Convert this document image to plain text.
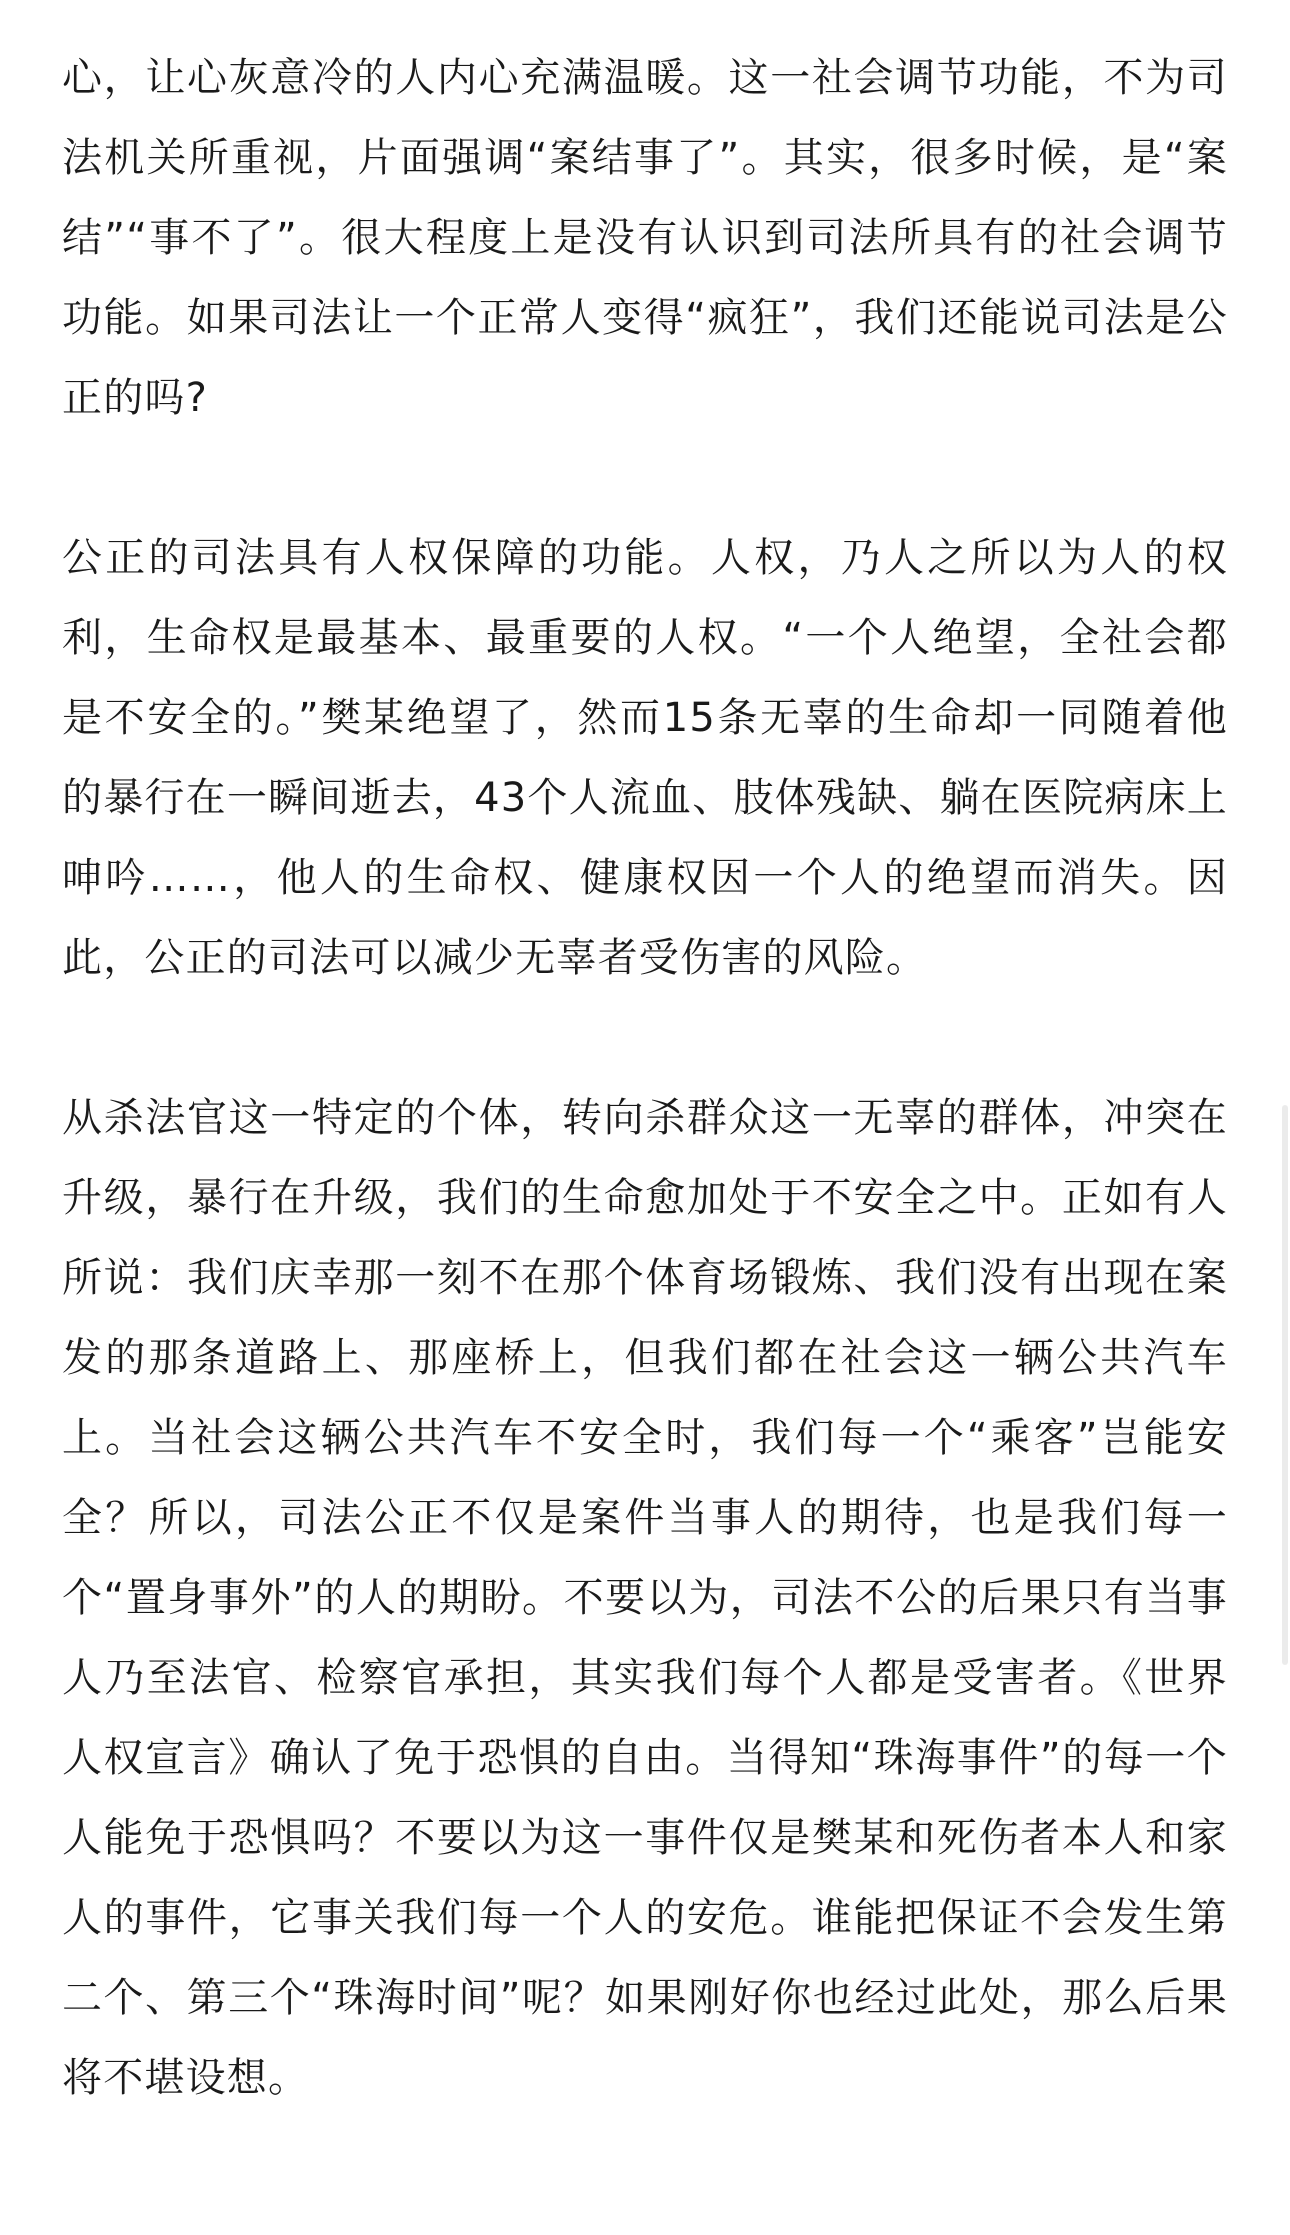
心，让心灰意冷的人内心充满温暖。这一社会调节功能，不为司法机关所重视，片面强调“案结事了”。其实，很多时候，是“案结”“事不了”。很大程度上是没有认识到司法所具有的社会调节功能。如果司法让一个正常人变得“疯狂”，我们还能说司法是公正的吗?

公正的司法具有人权保障的功能。人权，乃人之所以为人的权利，生命权是最基本、最重要的人权。“一个人绝望，全社会都是不安全的。”樊某绝望了，然而15条无辜的生命却一同随着他的暴行在一瞬间逝去，43个人流血、肢体残缺、躺在医院病床上呻吟……，他人的生命权、健康权因一个人的绝望而消失。因此，公正的司法可以减少无辜者受伤害的风险。

从杀法官这一特定的个体，转向杀群众这一无辜的群体，冲突在升级，暴行在升级，我们的生命愈加处于不安全之中。正如有人所说：我们庆幸那一刻不在那个体育场锻炼、我们没有出现在案发的那条道路上、那座桥上，但我们都在社会这一辆公共汽车上。当社会这辆公共汽车不安全时，我们每一个“乘客”岂能安全？所以，司法公正不仅是案件当事人的期待，也是我们每一个“置身事外”的人的期盼。不要以为，司法不公的后果只有当事人乃至法官、检察官承担，其实我们每个人都是受害者。《世界人权宣言》确认了免于恐惧的自由。当得知“珠海事件”的每一个人能免于恐惧吗？不要以为这一事件仅是樊某和死伤者本人和家人的事件，它事关我们每一个人的安危。谁能把保证不会发生第二个、第三个“珠海时间”呢？如果刚好你也经过此处，那么后果将不堪设想。
